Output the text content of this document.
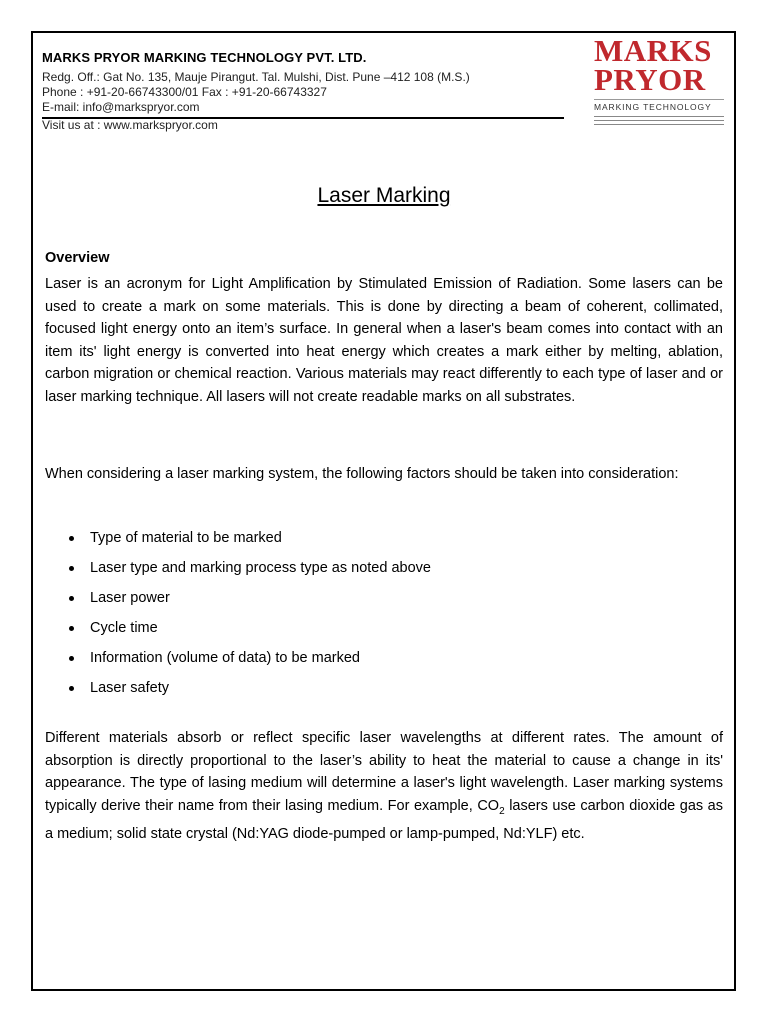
MARKS PRYOR MARKING TECHNOLOGY PVT. LTD.
Redg. Off.: Gat No. 135, Mauje Pirangut. Tal. Mulshi, Dist. Pune –412 108 (M.S.)
Phone : +91-20-66743300/01 Fax : +91-20-66743327
E-mail: info@markspryor.com
Visit us at : www.markspryor.com
MARKS
PRYOR
MARKING TECHNOLOGY
Laser Marking
Overview

Laser is an acronym for Light Amplification by Stimulated Emission of Radiation. Some lasers can be used to create a mark on some materials. This is done by directing a beam of coherent, collimated, focused light energy onto an item’s surface. In general when a laser's beam comes into contact with an item its' light energy is converted into heat energy which creates a mark either by melting, ablation, carbon migration or chemical reaction. Various materials may react differently to each type of laser and or laser marking technique. All lasers will not create readable marks on all substrates.

When considering a laser marking system, the following factors should be taken into consideration:

Type of material to be marked
Laser type and marking process type as noted above
Laser power
Cycle time
Information (volume of data) to be marked
Laser safety

Different materials absorb or reflect specific laser wavelengths at different rates. The amount of absorption is directly proportional to the laser’s ability to heat the material to cause a change in its' appearance. The type of lasing medium will determine a laser's light wavelength. Laser marking systems typically derive their name from their lasing medium. For example, $CO_2$ lasers use carbon dioxide gas as a medium; solid state crystal (Nd:YAG diode-pumped or lamp-pumped, Nd:YLF) etc.
